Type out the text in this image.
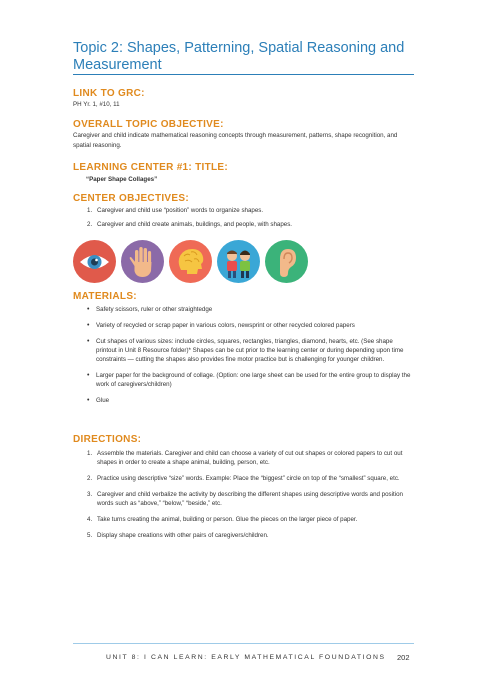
Topic 2: Shapes, Patterning, Spatial Reasoning and Measurement
LINK TO GRC:
PH Yr. 1, #10, 11
OVERALL TOPIC OBJECTIVE:
Caregiver and child indicate mathematical reasoning concepts through measurement, patterns, shape recognition, and spatial reasoning.
LEARNING CENTER #1: TITLE:
“Paper Shape Collages”
CENTER OBJECTIVES:
1. Caregiver and child use “position” words to organize shapes.
2. Caregiver and child create animals, buildings, and people, with shapes.
MATERIALS:
• Safety scissors, ruler or other straightedge
• Variety of recycled or scrap paper in various colors, newsprint or other recycled colored papers
• Cut shapes of various sizes: include circles, squares, rectangles, triangles, diamond, hearts, etc. (See shape printout in Unit 8 Resource folder)* Shapes can be cut prior to the learning center or during depending upon time constraints — cutting the shapes also provides fine motor practice but is challenging for younger children.
• Larger paper for the background of collage. (Option: one large sheet can be used for the entire group to display the work of caregivers/children)
• Glue
DIRECTIONS:
1. Assemble the materials. Caregiver and child can choose a variety of cut out shapes or colored papers to cut out shapes in order to create a shape animal, building, person, etc.
2. Practice using descriptive “size” words. Example: Place the “biggest” circle on top of the “smallest” square, etc.
3. Caregiver and child verbalize the activity by describing the different shapes using descriptive words and position words such as “above,” “below,” “beside,” etc.
4. Take turns creating the animal, building or person. Glue the pieces on the larger piece of paper.
5. Display shape creations with other pairs of caregivers/children.
UNIT 8: I CAN LEARN: EARLY MATHEMATICAL FOUNDATIONS 202
